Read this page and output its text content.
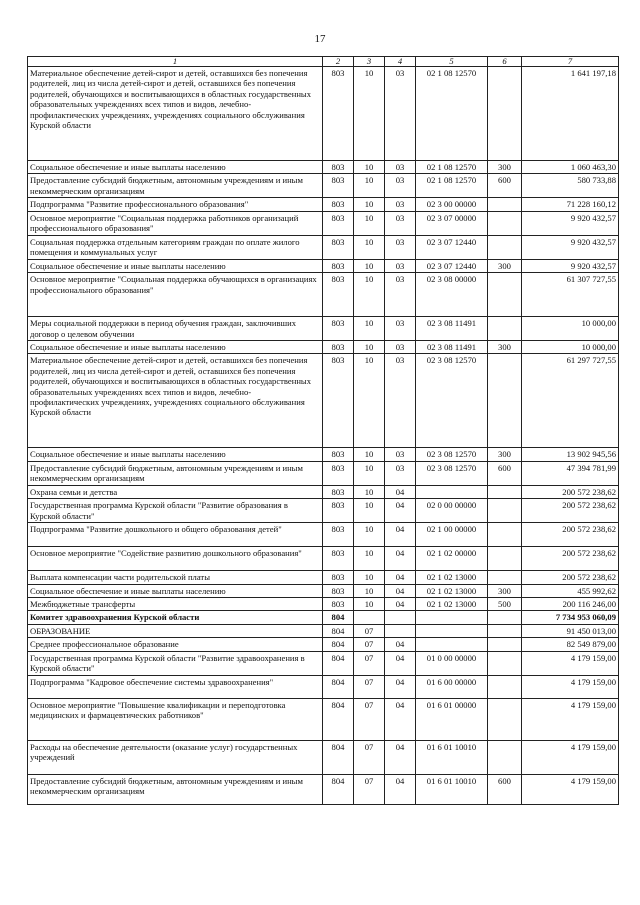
17
1	2	3	4	5	6	7
Материальное обеспечение детей-сирот и детей, оставшихся без попечения родителей, лиц из числа детей-сирот и детей, оставшихся без попечения родителей, обучающихся и воспитывающихся в областных государственных образовательных учреждениях всех типов и видов, лечебно-профилактических учреждениях, учреждениях социального обслуживания Курской области	803	10	03	02 1 08 12570		1 641 197,18
Социальное обеспечение и иные выплаты населению	803	10	03	02 1 08 12570	300	1 060 463,30
Предоставление субсидий бюджетным, автономным учреждениям и иным некоммерческим организациям	803	10	03	02 1 08 12570	600	580 733,88
Подпрограмма "Развитие профессионального образования"	803	10	03	02 3 00 00000		71 228 160,12
Основное мероприятие "Социальная поддержка работников организаций профессионального образования"	803	10	03	02 3 07 00000		9 920 432,57
Социальная поддержка отдельным категориям граждан по оплате жилого помещения и коммунальных услуг	803	10	03	02 3 07 12440		9 920 432,57
Социальное обеспечение и иные выплаты населению	803	10	03	02 3 07 12440	300	9 920 432,57
Основное мероприятие "Социальная поддержка обучающихся в организациях профессионального образования"	803	10	03	02 3 08 00000		61 307 727,55
Меры социальной поддержки в период обучения граждан, заключивших договор о целевом обучении	803	10	03	02 3 08 11491		10 000,00
Социальное обеспечение и иные выплаты населению	803	10	03	02 3 08 11491	300	10 000,00
Материальное обеспечение детей-сирот и детей, оставшихся без попечения родителей, лиц из числа детей-сирот и детей, оставшихся без попечения родителей, обучающихся и воспитывающихся в областных государственных образовательных учреждениях всех типов и видов, лечебно-профилактических учреждениях, учреждениях социального обслуживания Курской области	803	10	03	02 3 08 12570		61 297 727,55
Социальное обеспечение и иные выплаты населению	803	10	03	02 3 08 12570	300	13 902 945,56
Предоставление субсидий бюджетным, автономным учреждениям и иным некоммерческим организациям	803	10	03	02 3 08 12570	600	47 394 781,99
Охрана семьи и детства	803	10	04			200 572 238,62
Государственная программа Курской области "Развитие образования в Курской области"	803	10	04	02 0 00 00000		200 572 238,62
Подпрограмма "Развитие дошкольного и общего образования детей"	803	10	04	02 1 00 00000		200 572 238,62
Основное мероприятие "Содействие развитию дошкольного образования"	803	10	04	02 1 02 00000		200 572 238,62
Выплата компенсации части родительской платы	803	10	04	02 1 02 13000		200 572 238,62
Социальное обеспечение и иные выплаты населению	803	10	04	02 1 02 13000	300	455 992,62
Межбюджетные трансферты	803	10	04	02 1 02 13000	500	200 116 246,00
Комитет здравоохранения Курской области	804					7 734 953 060,09
ОБРАЗОВАНИЕ	804	07				91 450 013,00
Среднее профессиональное образование	804	07	04			82 549 879,00
Государственная программа Курской области "Развитие здравоохранения в Курской области"	804	07	04	01 0 00 00000		4 179 159,00
Подпрограмма "Кадровое обеспечение системы здравоохранения"	804	07	04	01 6 00 00000		4 179 159,00
Основное мероприятие "Повышение квалификации и переподготовка медицинских и фармацевтических работников"	804	07	04	01 6 01 00000		4 179 159,00
Расходы на обеспечение деятельности (оказание услуг) государственных учреждений	804	07	04	01 6 01 10010		4 179 159,00
Предоставление субсидий бюджетным, автономным учреждениям и иным некоммерческим организациям	804	07	04	01 6 01 10010	600	4 179 159,00
